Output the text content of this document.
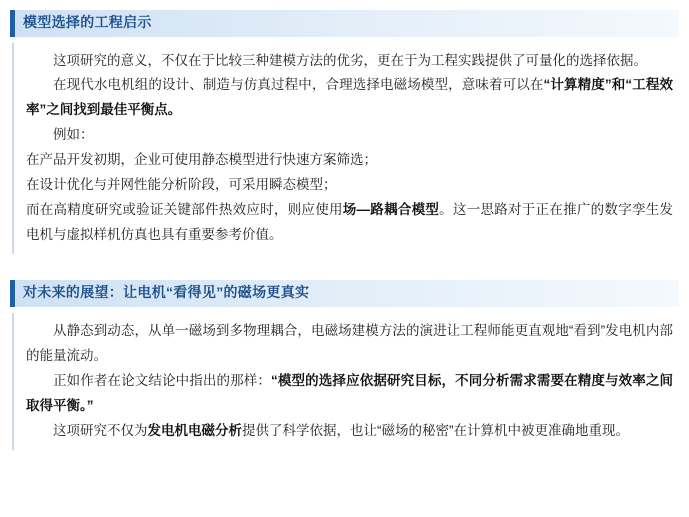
模型选择的工程启示

这项研究的意义，不仅在于比较三种建模方法的优劣，更在于为工程实践提供了可量化的选择依据。

在现代水电机组的设计、制造与仿真过程中，合理选择电磁场模型，意味着可以在“计算精度”和“工程效率”之间找到最佳平衡点。

例如：

在产品开发初期，企业可使用静态模型进行快速方案筛选；

在设计优化与并网性能分析阶段，可采用瞬态模型；

而在高精度研究或验证关键部件热效应时，则应使用场—路耦合模型。这一思路对于正在推广的数字孪生发电机与虚拟样机仿真也具有重要参考价值。

对未来的展望：让电机“看得见”的磁场更真实

从静态到动态，从单一磁场到多物理耦合，电磁场建模方法的演进让工程师能更直观地“看到”发电机内部的能量流动。

正如作者在论文结论中指出的那样：“模型的选择应依据研究目标，不同分析需求需要在精度与效率之间取得平衡。”

这项研究不仅为发电机电磁分析提供了科学依据，也让“磁场的秘密”在计算机中被更准确地重现。
